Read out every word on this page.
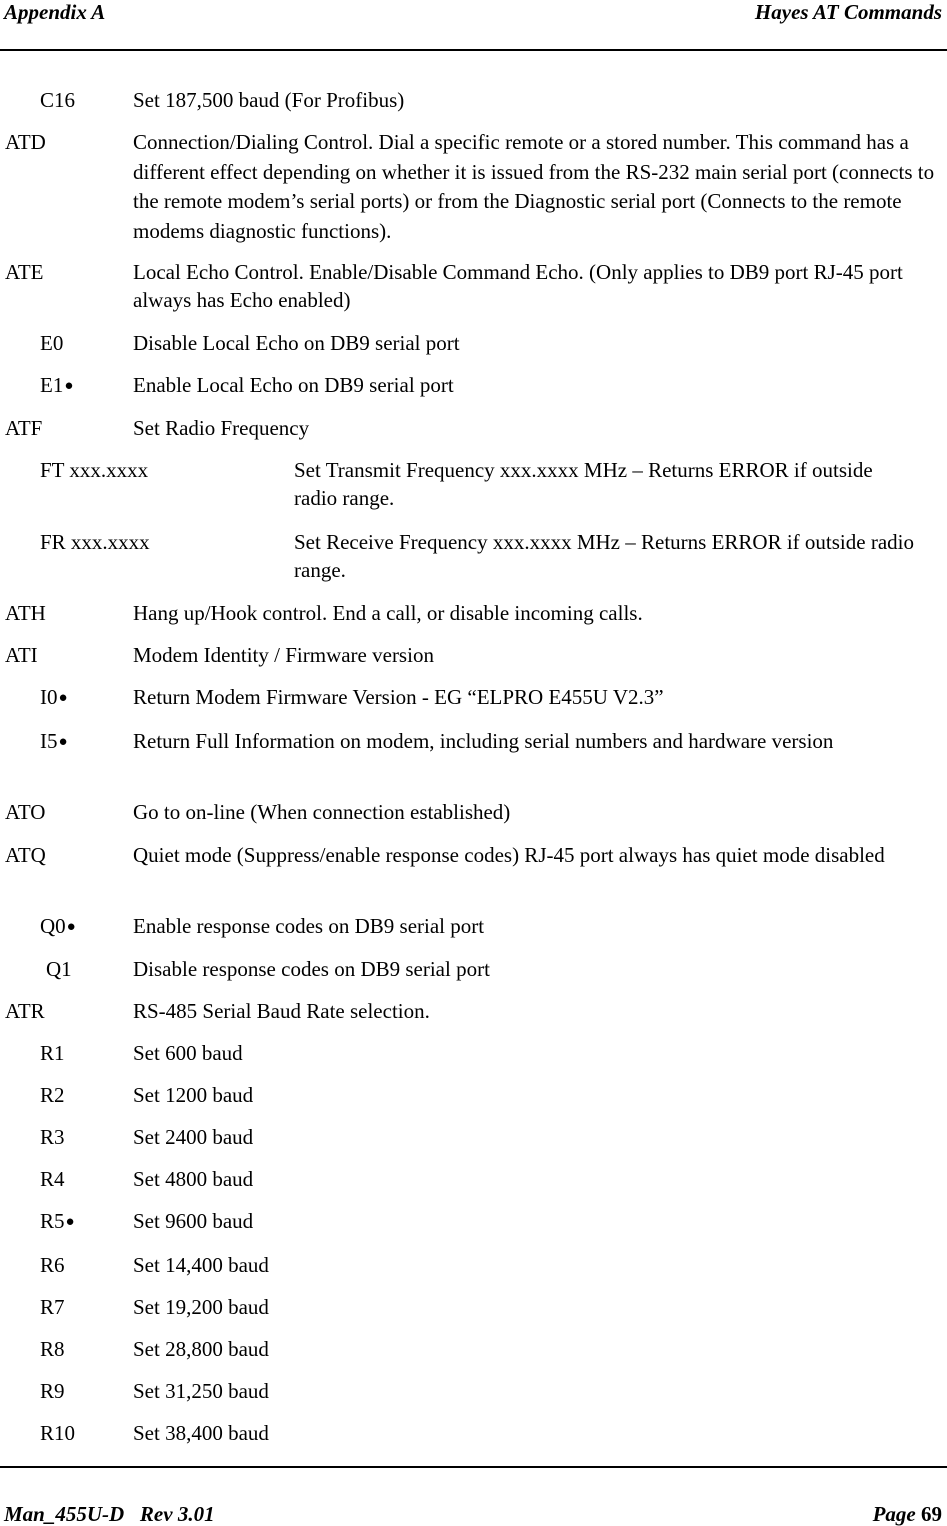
Appendix A	Hayes AT Commands
C16	Set 187,500 baud (For Profibus)
ATD	Connection/Dialing Control. Dial a specific remote or a stored number. This command has a different effect depending on whether it is issued from the RS-232 main serial port (connects to the remote modem’s serial ports) or from the Diagnostic serial port (Connects to the remote modems diagnostic functions).
ATE	Local Echo Control. Enable/Disable Command Echo. (Only applies to DB9 port RJ-45 port always has Echo enabled)
E0	Disable Local Echo on DB9 serial port
E1●	Enable Local Echo on DB9 serial port
ATF	Set Radio Frequency
FT xxx.xxxx	Set Transmit Frequency xxx.xxxx MHz – Returns ERROR if outside radio range.
FR xxx.xxxx	Set Receive Frequency xxx.xxxx MHz – Returns ERROR if outside radio range.
ATH	Hang up/Hook control. End a call, or disable incoming calls.
ATI	Modem Identity / Firmware version
I0●	Return Modem Firmware Version - EG “ELPRO E455U V2.3”
I5●	Return Full Information on modem, including serial numbers and hardware version
ATO	Go to on-line (When connection established)
ATQ	Quiet mode (Suppress/enable response codes) RJ-45 port always has quiet mode disabled
Q0●	Enable response codes on DB9 serial port
Q1	Disable response codes on DB9 serial port
ATR	RS-485 Serial Baud Rate selection.
R1	Set 600 baud
R2	Set 1200 baud
R3	Set 2400 baud
R4	Set 4800 baud
R5●	Set 9600 baud
R6	Set 14,400 baud
R7	Set 19,200 baud
R8	Set 28,800 baud
R9	Set 31,250 baud
R10	Set 38,400 baud
Man_455U-D   Rev 3.01	Page 69
